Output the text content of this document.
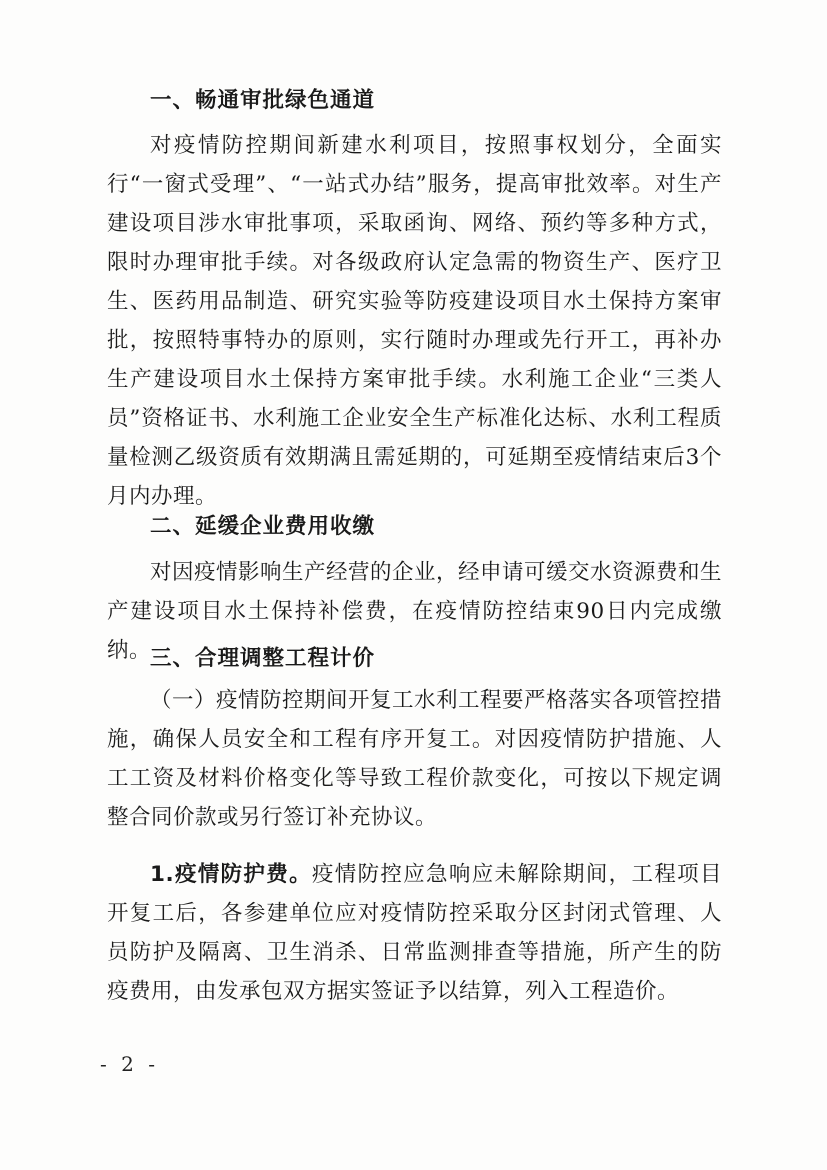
一、畅通审批绿色通道
对疫情防控期间新建水利项目，按照事权划分，全面实行“一窗式受理”、“一站式办结”服务，提高审批效率。对生产建设项目涉水审批事项，采取函询、网络、预约等多种方式，限时办理审批手续。对各级政府认定急需的物资生产、医疗卫生、医药用品制造、研究实验等防疫建设项目水土保持方案审批，按照特事特办的原则，实行随时办理或先行开工，再补办生产建设项目水土保持方案审批手续。水利施工企业“三类人员”资格证书、水利施工企业安全生产标准化达标、水利工程质量检测乙级资质有效期满且需延期的，可延期至疫情结束后3个月内办理。
二、延缓企业费用收缴
对因疫情影响生产经营的企业，经申请可缓交水资源费和生产建设项目水土保持补偿费，在疫情防控结束90日内完成缴纳。
三、合理调整工程计价
（一）疫情防控期间开复工水利工程要严格落实各项管控措施，确保人员安全和工程有序开复工。对因疫情防护措施、人工工资及材料价格变化等导致工程价款变化，可按以下规定调整合同价款或另行签订补充协议。
1.疫情防护费。疫情防控应急响应未解除期间，工程项目开复工后，各参建单位应对疫情防控采取分区封闭式管理、人员防护及隔离、卫生消杀、日常监测排查等措施，所产生的防疫费用，由发承包双方据实签证予以结算，列入工程造价。
- 2 -
